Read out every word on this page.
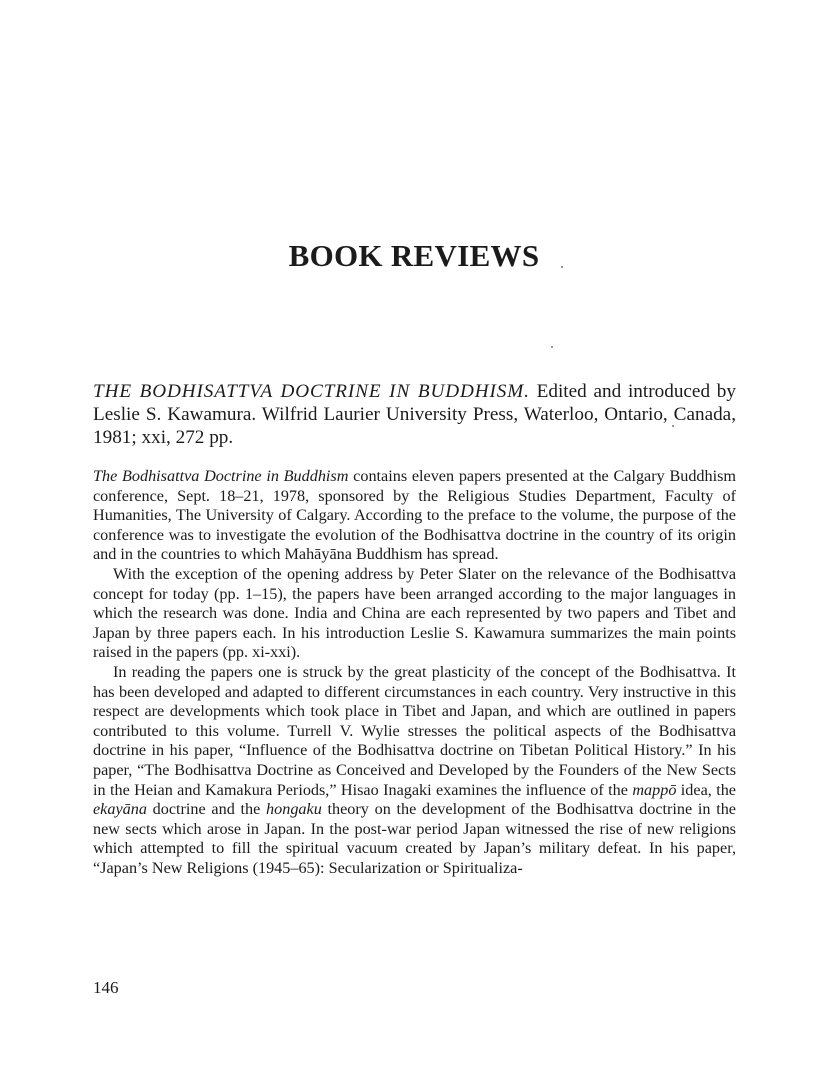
BOOK REVIEWS

THE BODHISATTVA DOCTRINE IN BUDDHISM. Edited and introduced by Leslie S. Kawamura. Wilfrid Laurier University Press, Waterloo, Ontario, Canada, 1981; xxi, 272 pp.

The Bodhisattva Doctrine in Buddhism contains eleven papers presented at the Calgary Buddhism conference, Sept. 18–21, 1978, sponsored by the Religious Studies Department, Faculty of Humanities, The University of Calgary. According to the preface to the volume, the purpose of the conference was to investigate the evolution of the Bodhisattva doctrine in the country of its origin and in the countries to which Mahāyāna Buddhism has spread.

With the exception of the opening address by Peter Slater on the relevance of the Bodhisattva concept for today (pp. 1–15), the papers have been arranged according to the major languages in which the research was done. India and China are each represented by two papers and Tibet and Japan by three papers each. In his introduction Leslie S. Kawamura summarizes the main points raised in the papers (pp. xi-xxi).

In reading the papers one is struck by the great plasticity of the concept of the Bodhisattva. It has been developed and adapted to different circumstances in each country. Very instructive in this respect are developments which took place in Tibet and Japan, and which are outlined in papers contributed to this volume. Turrell V. Wylie stresses the political aspects of the Bodhisattva doctrine in his paper, “Influence of the Bodhisattva doctrine on Tibetan Political History.” In his paper, “The Bodhisattva Doctrine as Conceived and Developed by the Founders of the New Sects in the Heian and Kamakura Periods,” Hisao Inagaki examines the influence of the mappō idea, the ekayāna doctrine and the hongaku theory on the development of the Bodhisattva doctrine in the new sects which arose in Japan. In the post-war period Japan witnessed the rise of new religions which attempted to fill the spiritual vacuum created by Japan’s military defeat. In his paper, “Japan’s New Religions (1945–65): Secularization or Spiritualiza-

146
